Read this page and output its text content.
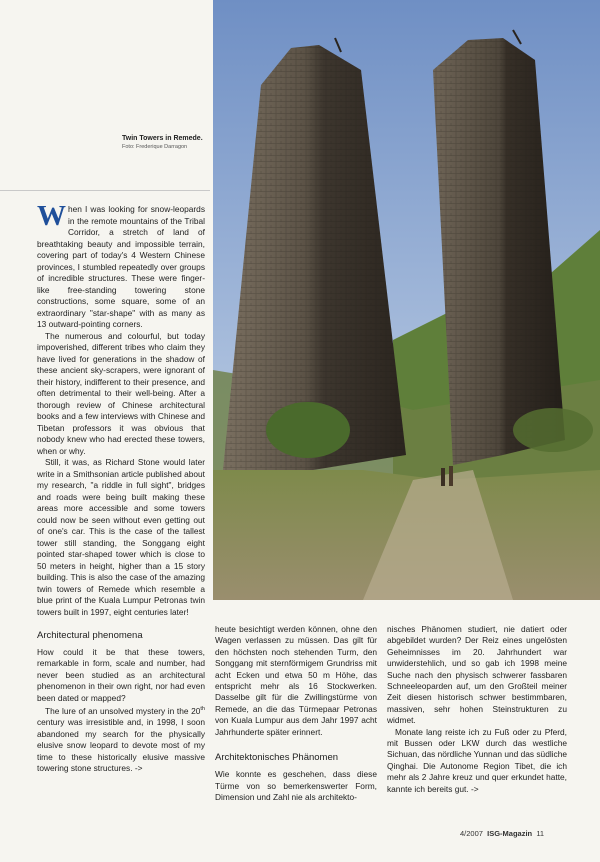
Twin Towers in Remede.
Foto: Frederique Darragon

When I was looking for snow-leopards in the remote mountains of the Tribal Corridor, a stretch of land of breathtaking beauty and impossible terrain, covering part of today's 4 Western Chinese provinces, I stumbled repeatedly over groups of incredible structures. These were finger-like free-standing towering stone constructions, some square, some of an extraordinary "star-shape" with as many as 13 outward-pointing corners.

The numerous and colourful, but today impoverished, different tribes who claim they have lived for generations in the shadow of these ancient sky-scrapers, were ignorant of their history, indifferent to their presence, and often detrimental to their well-being. After a thorough review of Chinese architectural books and a few interviews with Chinese and Tibetan professors it was obvious that nobody knew who had erected these towers, when or why.

Still, it was, as Richard Stone would later write in a Smithsonian article published about my research, "a riddle in full sight", bridges and roads were being built making these areas more accessible and some towers could now be seen without even getting out of one's car. This is the case of the tallest tower still standing, the Songgang eight pointed star-shaped tower which is close to 50 meters in height, higher than a 15 story building. This is also the case of the amazing twin towers of Remede which resemble a blue print of the Kuala Lumpur Petronas twin towers built in 1997, eight centuries later!

Architectural phenomena

How could it be that these towers, remarkable in form, scale and number, had never been studied as an architectural phenomenon in their own right, nor had even been dated or mapped?

The lure of an unsolved mystery in the 20th century was irresistible and, in 1998, I soon abandoned my search for the physically elusive snow leopard to devote most of my time to these historically elusive massive towering stone structures. ->

heute besichtigt werden können, ohne den Wagen verlassen zu müssen. Das gilt für den höchsten noch stehenden Turm, den Songgang mit sternförmigem Grundriss mit acht Ecken und etwa 50 m Höhe, das entspricht mehr als 16 Stockwerken. Dasselbe gilt für die Zwillingstürme von Remede, an die das Türmepaar Petronas von Kuala Lumpur aus dem Jahr 1997 acht Jahrhunderte später erinnert.

Architektonisches Phänomen

Wie konnte es geschehen, dass diese Türme von so bemerkenswerter Form, Dimension und Zahl nie als architekto-

nisches Phänomen studiert, nie datiert oder abgebildet wurden? Der Reiz eines ungelösten Geheimnisses im 20. Jahrhundert war unwiderstehlich, und so gab ich 1998 meine Suche nach den physisch schwerer fassbaren Schneeleoparden auf, um den Großteil meiner Zeit diesen historisch schwer bestimmbaren, massiven, sehr hohen Steinstrukturen zu widmet.

Monate lang reiste ich zu Fuß oder zu Pferd, mit Bussen oder LKW durch das westliche Sichuan, das nördliche Yunnan und das südliche Qinghai. Die Autonome Region Tibet, die ich mehr als 2 Jahre kreuz und quer erkundet hatte, kannte ich bereits gut. ->

4/2007 ISG-Magazin 11
